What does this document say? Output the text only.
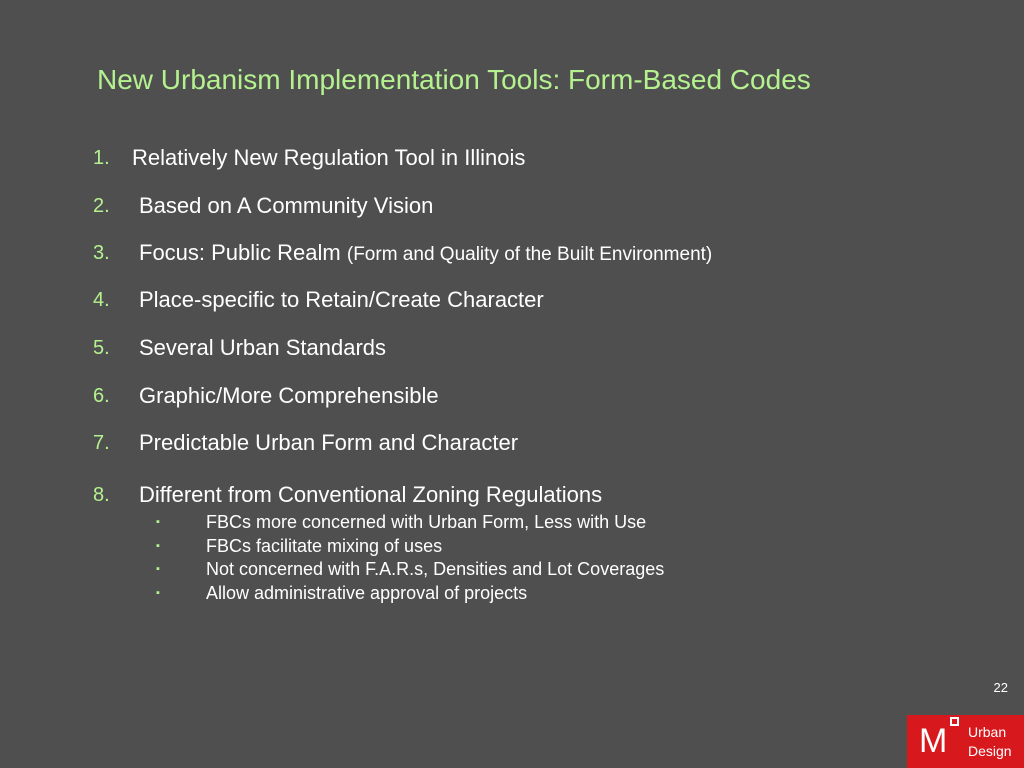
New Urbanism Implementation Tools: Form-Based Codes
1. Relatively New Regulation Tool in Illinois
2. Based on A Community Vision
3. Focus: Public Realm (Form and Quality of the Built Environment)
4. Place-specific to Retain/Create Character
5. Several Urban Standards
6. Graphic/More Comprehensible
7. Predictable Urban Form and Character
8. Different from Conventional Zoning Regulations
▪	FBCs more concerned with Urban Form, Less with Use
▪	FBCs facilitate mixing of uses
▪	Not concerned with F.A.R.s, Densities and Lot Coverages
▪	Allow administrative approval of projects
22
M Urban
Design
